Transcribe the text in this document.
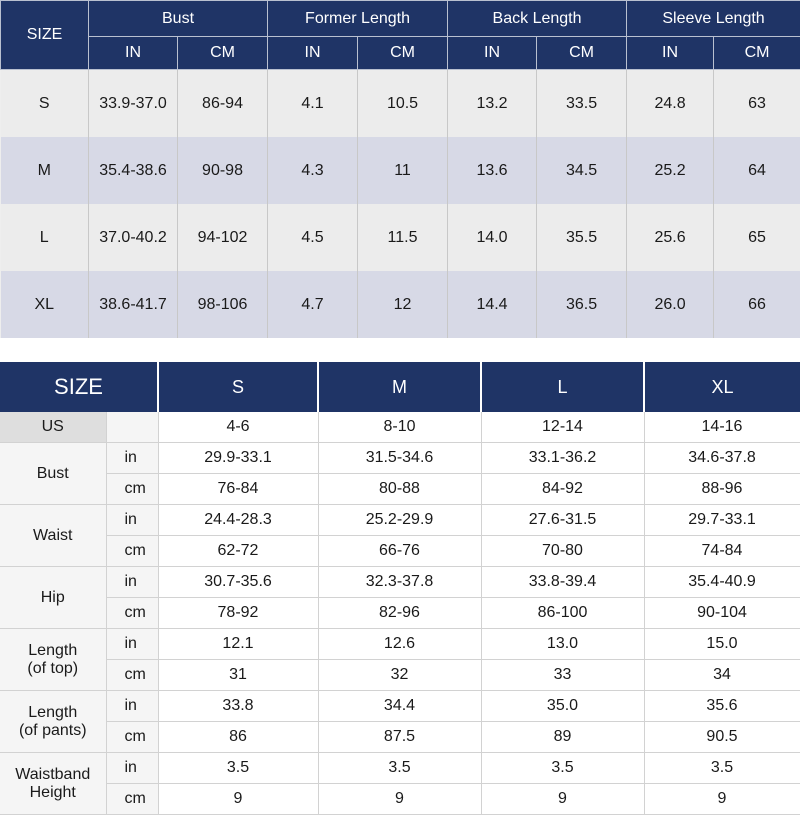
SIZE	Bust		Former Length		Back Length		Sleeve Length	
	IN	CM	IN	CM	IN	CM	IN	CM
S	33.9-37.0	86-94	4.1	10.5	13.2	33.5	24.8	63
M	35.4-38.6	90-98	4.3	11	13.6	34.5	25.2	64
L	37.0-40.2	94-102	4.5	11.5	14.0	35.5	25.6	65
XL	38.6-41.7	98-106	4.7	12	14.4	36.5	26.0	66
SIZE		S	M	L	XL
US		4-6	8-10	12-14	14-16

Bust	in	29.9-33.1	31.5-34.6	33.1-36.2	34.6-37.8
	cm	76-84	80-88	84-92	88-96

Waist	in	24.4-28.3	25.2-29.9	27.6-31.5	29.7-33.1
	cm	62-72	66-76	70-80	74-84

Hip	in	30.7-35.6	32.3-37.8	33.8-39.4	35.4-40.9
	cm	78-92	82-96	86-100	90-104

Length
(of top)	in	12.1	12.6	13.0	15.0
	cm	31	32	33	34

Length
(of pants)	in	33.8	34.4	35.0	35.6
	cm	86	87.5	89	90.5

Waistband
Height	in	3.5	3.5	3.5	3.5
	cm	9	9	9	9
